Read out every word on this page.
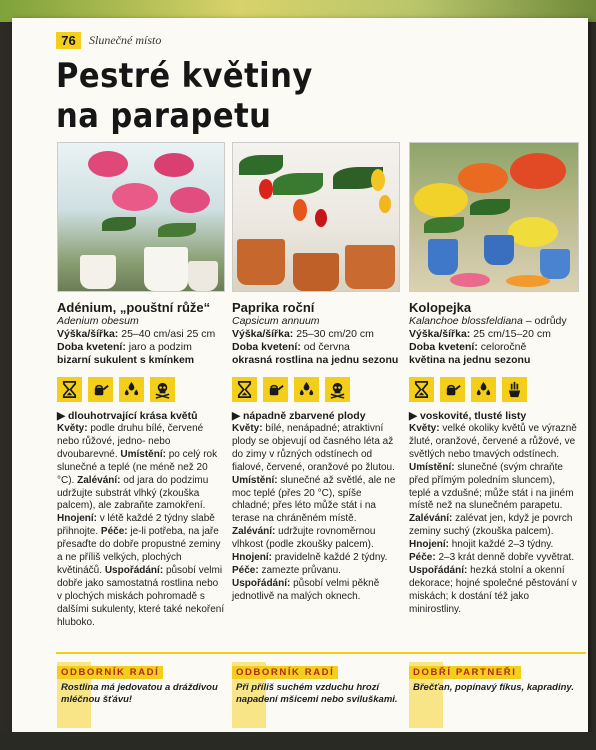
76	Slunečné místo
Pestré květiny
na parapetu
Adénium, „pouštní růže“
Adenium obesum
Výška/šířka: 25–40 cm/asi 25 cm
Doba kvetení: jaro a podzim
bizarní sukulent s kmínkem
▶ dlouhotrvající krása květů
Květy: podle druhu bílé, červené nebo růžové, jedno- nebo dvoubarevné. Umístění: po celý rok slunečné a teplé (ne méně než 20 °C). Zalévání: od jara do podzimu udržujte substrát vlhký (zkouška palcem), ale zabraňte zamokření. Hnojení: v létě každé 2 týdny slabě přihnojte. Péče: je-li potřeba, na jaře přesaďte do dobře propustné zeminy a ne příliš velkých, plochých květináčů. Uspořádání: působí velmi dobře jako samostatná rostlina nebo v plochých miskách pohromadě s dalšími sukulenty, které také nekoření hluboko.
Paprika roční
Capsicum annuum
Výška/šířka: 25–30 cm/20 cm
Doba kvetení: od června
okrasná rostlina na jednu sezonu
▶ nápadně zbarvené plody
Květy: bílé, nenápadné; atraktivní plody se objevují od časného léta až do zimy v různých odstínech od fialové, červené, oranžové po žlutou. Umístění: slunečné až světlé, ale ne moc teplé (přes 20 °C), spíše chladné; přes léto může stát i na terase na chráněném místě. Zalévání: udržujte rovnoměrnou vlhkost (podle zkoušky palcem). Hnojení: pravidelně každé 2 týdny. Péče: zamezte průvanu. Uspořádání: působí velmi pěkně jednotlivě na malých oknech.
Kolopejka
Kalanchoe blossfeldiana – odrůdy
Výška/šířka: 25 cm/15–20 cm
Doba kvetení: celoročně
květina na jednu sezonu
▶ voskovité, tlusté listy
Květy: velké okoliky květů ve výrazně žluté, oranžové, červené a růžové, ve světlých nebo tmavých odstínech. Umístění: slunečné (svým chraňte před přímým poledním sluncem), teplé a vzdušné; může stát i na jiném místě než na slunečném parapetu. Zalévání: zalévat jen, když je povrch zeminy suchý (zkouška palcem). Hnojení: hnojit každé 2–3 týdny. Péče: 2–3 krát denně dobře vyvětrat. Uspořádání: hezká stolní a okenní dekorace; hojné společné pěstování v miskách; k dostání též jako minirostliny.
ODBORNÍK RADÍ
Rostlina má jedovatou a dráždivou mléčnou šťávu!
ODBORNÍK RADÍ
Při příliš suchém vzduchu hrozí napadení mšicemi nebo sviluškami.
DOBŘÍ PARTNEŘI
Břečťan, popínavý fíkus, kapradiny.
